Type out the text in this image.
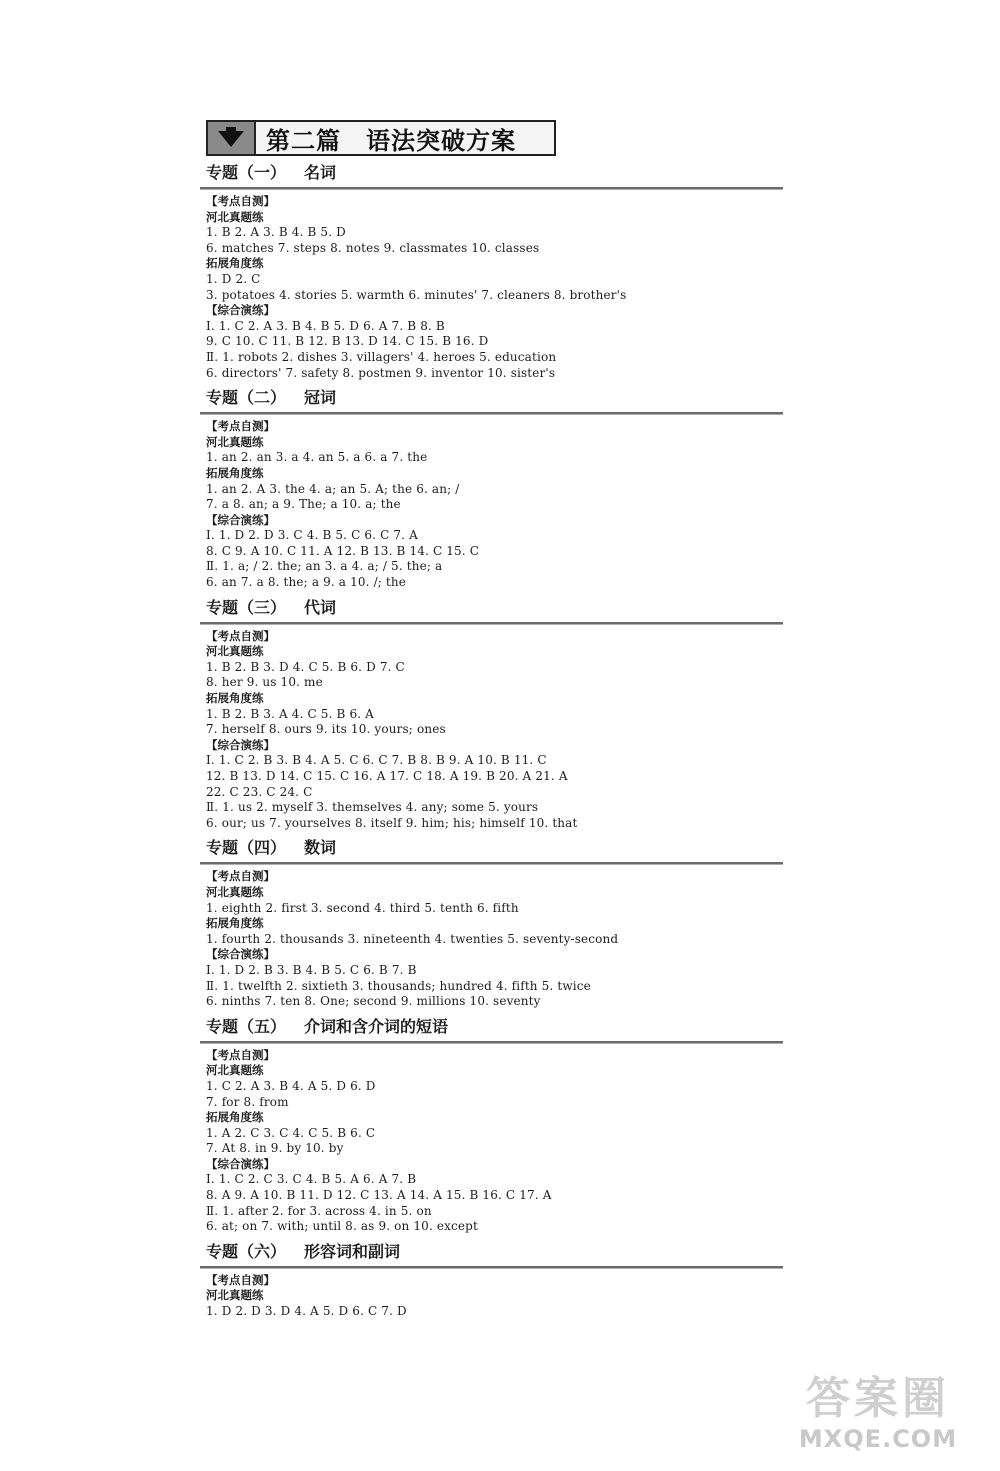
第二篇　语法突破方案
专题（一） 名词
【考点自测】
河北真题练
1. B 2. A 3. B 4. B 5. D
6. matches 7. steps 8. notes 9. classmates 10. classes
拓展角度练
1. D 2. C
3. potatoes 4. stories 5. warmth 6. minutes' 7. cleaners 8. brother's
【综合演练】
Ⅰ. 1. C 2. A 3. B 4. B 5. D 6. A 7. B 8. B
9. C 10. C 11. B 12. B 13. D 14. C 15. B 16. D
Ⅱ. 1. robots 2. dishes 3. villagers' 4. heroes 5. education
6. directors' 7. safety 8. postmen 9. inventor 10. sister's
专题（二） 冠词
【考点自测】
河北真题练
1. an 2. an 3. a 4. an 5. a 6. a 7. the
拓展角度练
1. an 2. A 3. the 4. a; an 5. A; the 6. an; /
7. a 8. an; a 9. The; a 10. a; the
【综合演练】
Ⅰ. 1. D 2. D 3. C 4. B 5. C 6. C 7. A
8. C 9. A 10. C 11. A 12. B 13. B 14. C 15. C
Ⅱ. 1. a; / 2. the; an 3. a 4. a; / 5. the; a
6. an 7. a 8. the; a 9. a 10. /; the
专题（三） 代词
【考点自测】
河北真题练
1. B 2. B 3. D 4. C 5. B 6. D 7. C
8. her 9. us 10. me
拓展角度练
1. B 2. B 3. A 4. C 5. B 6. A
7. herself 8. ours 9. its 10. yours; ones
【综合演练】
Ⅰ. 1. C 2. B 3. B 4. A 5. C 6. C 7. B 8. B 9. A 10. B 11. C
12. B 13. D 14. C 15. C 16. A 17. C 18. A 19. B 20. A 21. A
22. C 23. C 24. C
Ⅱ. 1. us 2. myself 3. themselves 4. any; some 5. yours
6. our; us 7. yourselves 8. itself 9. him; his; himself 10. that
专题（四） 数词
【考点自测】
河北真题练
1. eighth 2. first 3. second 4. third 5. tenth 6. fifth
拓展角度练
1. fourth 2. thousands 3. nineteenth 4. twenties 5. seventy-second
【综合演练】
Ⅰ. 1. D 2. B 3. B 4. B 5. C 6. B 7. B
Ⅱ. 1. twelfth 2. sixtieth 3. thousands; hundred 4. fifth 5. twice
6. ninths 7. ten 8. One; second 9. millions 10. seventy
专题（五） 介词和含介词的短语
【考点自测】
河北真题练
1. C 2. A 3. B 4. A 5. D 6. D
7. for 8. from
拓展角度练
1. A 2. C 3. C 4. C 5. B 6. C
7. At 8. in 9. by 10. by
【综合演练】
Ⅰ. 1. C 2. C 3. C 4. B 5. A 6. A 7. B
8. A 9. A 10. B 11. D 12. C 13. A 14. A 15. B 16. C 17. A
Ⅱ. 1. after 2. for 3. across 4. in 5. on
6. at; on 7. with; until 8. as 9. on 10. except
专题（六） 形容词和副词
【考点自测】
河北真题练
1. D 2. D 3. D 4. A 5. D 6. C 7. D
答案圈
MXQE.COM
